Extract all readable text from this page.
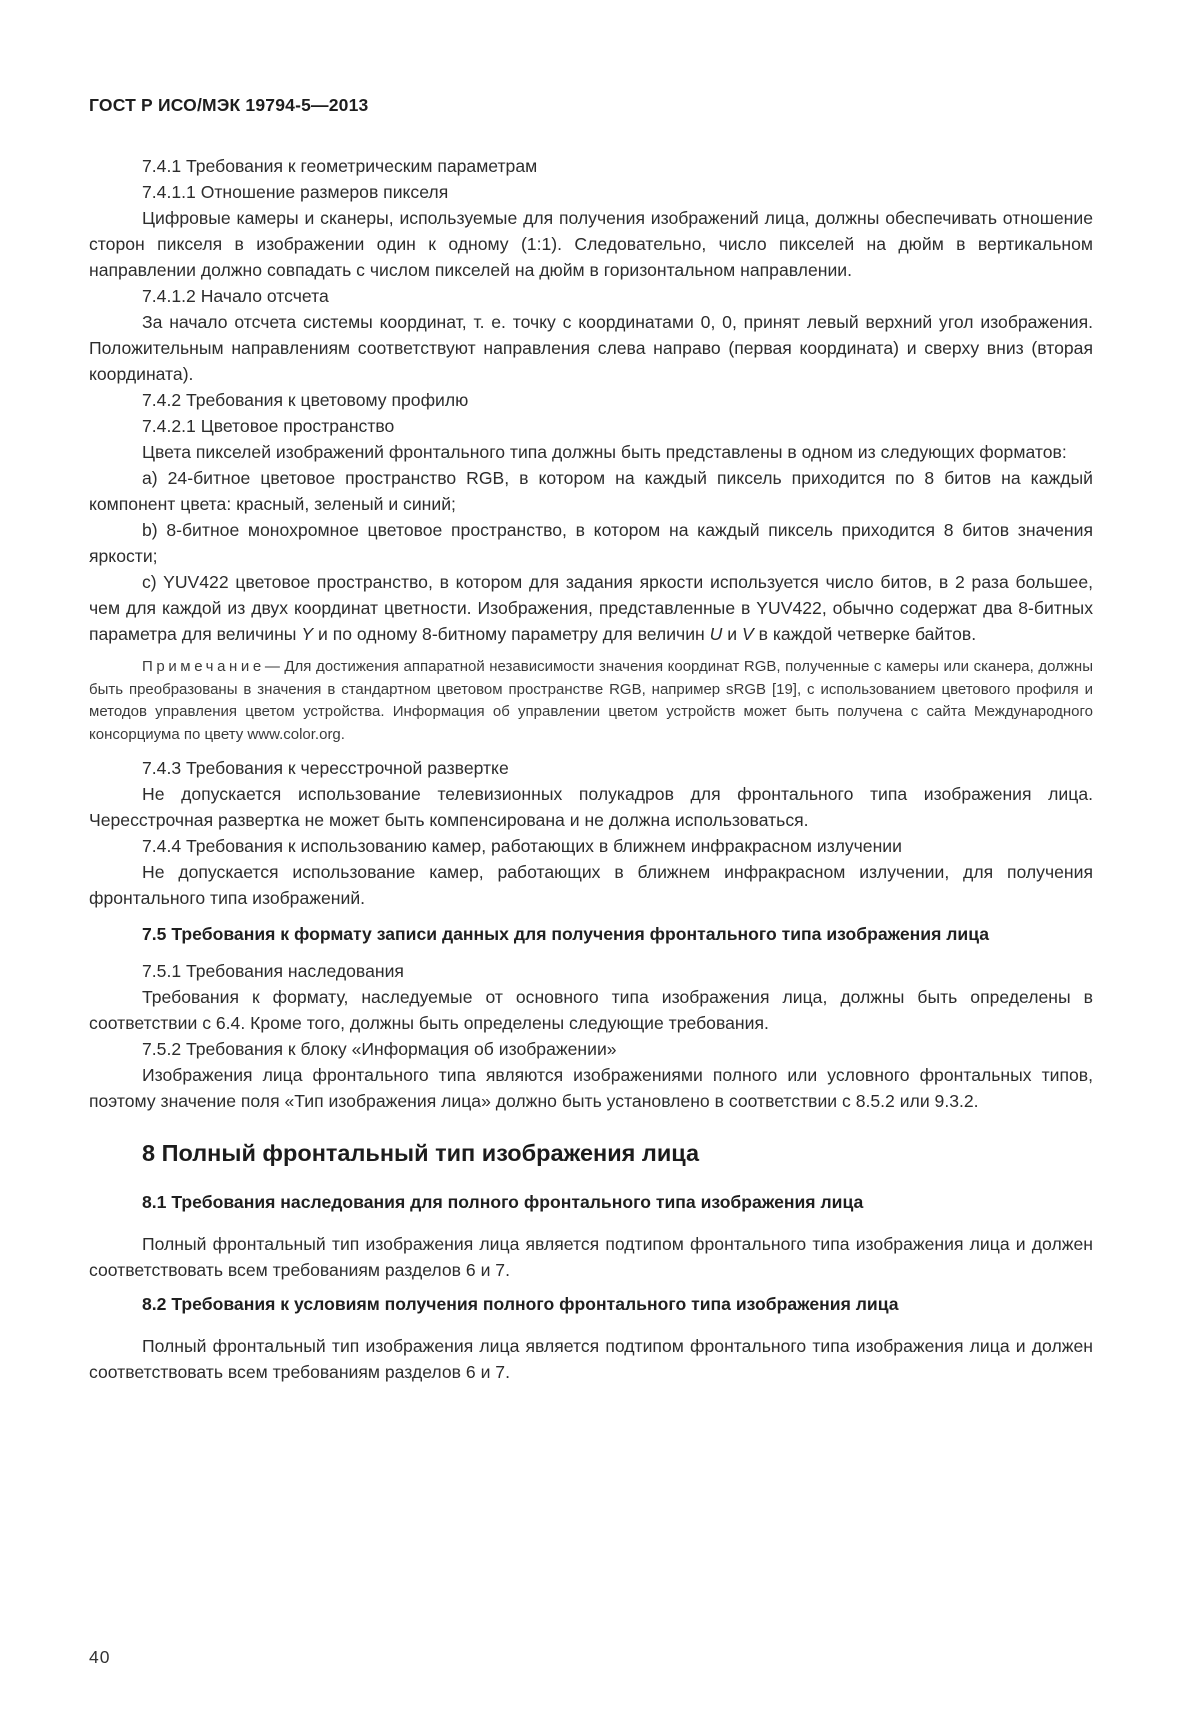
ГОСТ Р ИСО/МЭК 19794-5—2013

7.4.1 Требования к геометрическим параметрам

7.4.1.1 Отношение размеров пикселя

Цифровые камеры и сканеры, используемые для получения изображений лица, должны обеспечивать отношение сторон пикселя в изображении один к одному (1:1). Следовательно, число пикселей на дюйм в вертикальном направлении должно совпадать с числом пикселей на дюйм в горизонтальном направлении.

7.4.1.2 Начало отсчета

За начало отсчета системы координат, т. е. точку с координатами 0, 0, принят левый верхний угол изображения. Положительным направлениям соответствуют направления слева направо (первая координата) и сверху вниз (вторая координата).

7.4.2 Требования к цветовому профилю

7.4.2.1 Цветовое пространство

Цвета пикселей изображений фронтального типа должны быть представлены в одном из следующих форматов:

a) 24-битное цветовое пространство RGB, в котором на каждый пиксель приходится по 8 битов на каждый компонент цвета: красный, зеленый и синий;

b) 8-битное монохромное цветовое пространство, в котором на каждый пиксель приходится 8 битов значения яркости;

c) YUV422 цветовое пространство, в котором для задания яркости используется число битов, в 2 раза большее, чем для каждой из двух координат цветности. Изображения, представленные в YUV422, обычно содержат два 8-битных параметра для величины Y и по одному 8-битному параметру для величин U и V в каждой четверке байтов.

Примечание— Для достижения аппаратной независимости значения координат RGB, полученные с камеры или сканера, должны быть преобразованы в значения в стандартном цветовом пространстве RGB, например sRGB [19], с использованием цветового профиля и методов управления цветом устройства. Информация об управлении цветом устройств может быть получена с сайта Международного консорциума по цвету www.color.org.

7.4.3 Требования к чересстрочной развертке

Не допускается использование телевизионных полукадров для фронтального типа изображения лица. Чересстрочная развертка не может быть компенсирована и не должна использоваться.

7.4.4 Требования к использованию камер, работающих в ближнем инфракрасном излучении

Не допускается использование камер, работающих в ближнем инфракрасном излучении, для получения фронтального типа изображений.

7.5 Требования к формату записи данных для получения фронтального типа изображения лица

7.5.1 Требования наследования

Требования к формату, наследуемые от основного типа изображения лица, должны быть определены в соответствии с 6.4. Кроме того, должны быть определены следующие требования.

7.5.2 Требования к блоку «Информация об изображении»

Изображения лица фронтального типа являются изображениями полного или условного фронтальных типов, поэтому значение поля «Тип изображения лица» должно быть установлено в соответствии с 8.5.2 или 9.3.2.

8 Полный фронтальный тип изображения лица

8.1 Требования наследования для полного фронтального типа изображения лица

Полный фронтальный тип изображения лица является подтипом фронтального типа изображения лица и должен соответствовать всем требованиям разделов 6 и 7.

8.2 Требования к условиям получения полного фронтального типа изображения лица

Полный фронтальный тип изображения лица является подтипом фронтального типа изображения лица и должен соответствовать всем требованиям разделов 6 и 7.

40
